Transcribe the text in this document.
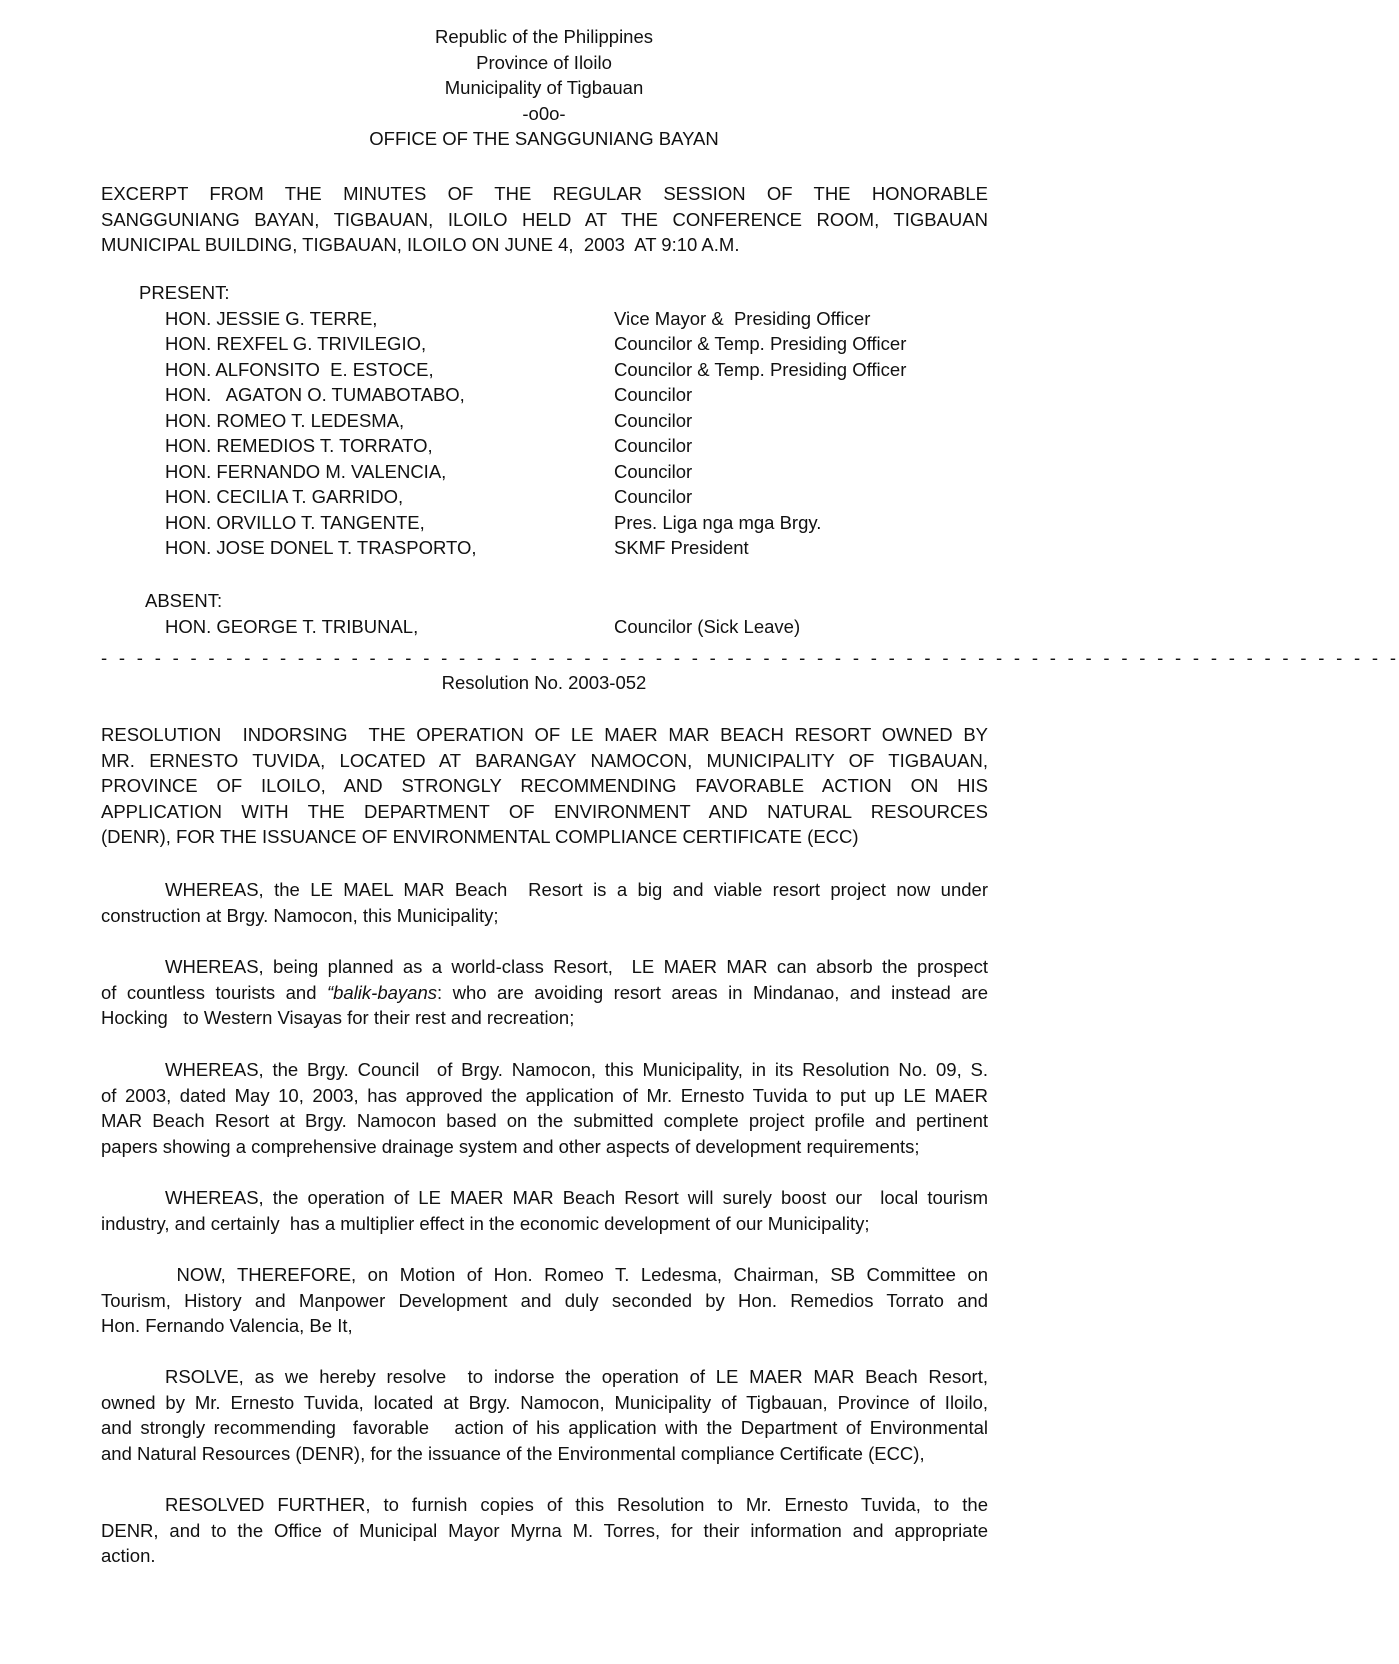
Republic of the Philippines
Province of Iloilo
Municipality of Tigbauan
-o0o-
OFFICE OF THE SANGGUNIANG BAYAN
EXCERPT FROM THE MINUTES OF THE REGULAR SESSION OF THE HONORABLE
SANGGUNIANG BAYAN, TIGBAUAN, ILOILO HELD AT THE CONFERENCE ROOM, TIGBAUAN
MUNICIPAL BUILDING, TIGBAUAN, ILOILO ON JUNE 4,  2003  AT 9:10 A.M.
PRESENT:
HON. JESSIE G. TERRE,	Vice Mayor &  Presiding Officer
HON. REXFEL G. TRIVILEGIO,	Councilor & Temp. Presiding Officer
HON. ALFONSITO  E. ESTOCE,	Councilor & Temp. Presiding Officer
HON.   AGATON O. TUMABOTABO,	Councilor
HON. ROMEO T. LEDESMA,	Councilor
HON. REMEDIOS T. TORRATO,	Councilor
HON. FERNANDO M. VALENCIA,	Councilor
HON. CECILIA T. GARRIDO,	Councilor
HON. ORVILLO T. TANGENTE,	Pres. Liga nga mga Brgy.
HON. JOSE DONEL T. TRASPORTO,	SKMF President
ABSENT:
HON. GEORGE T. TRIBUNAL,	Councilor (Sick Leave)
- - - - - - - - - - - - - - - - - - - - - - - - - - - - - - - - - - - - - - - - - - - - - - - - - - - - - - - - - - - - - - - - - - - - - - - - -
Resolution No. 2003-052
RESOLUTION  INDORSING  THE OPERATION OF LE MAER MAR BEACH RESORT OWNED BY
MR. ERNESTO TUVIDA, LOCATED AT BARANGAY NAMOCON, MUNICIPALITY OF TIGBAUAN,
PROVINCE OF ILOILO, AND STRONGLY RECOMMENDING FAVORABLE ACTION ON HIS
APPLICATION WITH THE DEPARTMENT OF ENVIRONMENT AND NATURAL RESOURCES
(DENR), FOR THE ISSUANCE OF ENVIRONMENTAL COMPLIANCE CERTIFICATE (ECC)
WHEREAS, the LE MAEL MAR Beach  Resort is a big and viable resort project now under
construction at Brgy. Namocon, this Municipality;
WHEREAS, being planned as a world-class Resort,  LE MAER MAR can absorb the prospect
of countless tourists and “balik-bayans: who are avoiding resort areas in Mindanao, and instead are
Hocking   to Western Visayas for their rest and recreation;
WHEREAS, the Brgy. Council  of Brgy. Namocon, this Municipality, in its Resolution No. 09, S.
of 2003, dated May 10, 2003, has approved the application of Mr. Ernesto Tuvida to put up LE MAER
MAR Beach Resort at Brgy. Namocon based on the submitted complete project profile and pertinent
papers showing a comprehensive drainage system and other aspects of development requirements;
WHEREAS, the operation of LE MAER MAR Beach Resort will surely boost our  local tourism
industry, and certainly  has a multiplier effect in the economic development of our Municipality;
NOW, THEREFORE, on Motion of Hon. Romeo T. Ledesma, Chairman, SB Committee on
Tourism, History and Manpower Development and duly seconded by Hon. Remedios Torrato and
Hon. Fernando Valencia, Be It,
RSOLVE, as we hereby resolve  to indorse the operation of LE MAER MAR Beach Resort,
owned by Mr. Ernesto Tuvida, located at Brgy. Namocon, Municipality of Tigbauan, Province of Iloilo,
and strongly recommending  favorable   action of his application with the Department of Environmental
and Natural Resources (DENR), for the issuance of the Environmental compliance Certificate (ECC),
RESOLVED FURTHER, to furnish copies of this Resolution to Mr. Ernesto Tuvida, to the
DENR, and to the Office of Municipal Mayor Myrna M. Torres, for their information and appropriate
action.
